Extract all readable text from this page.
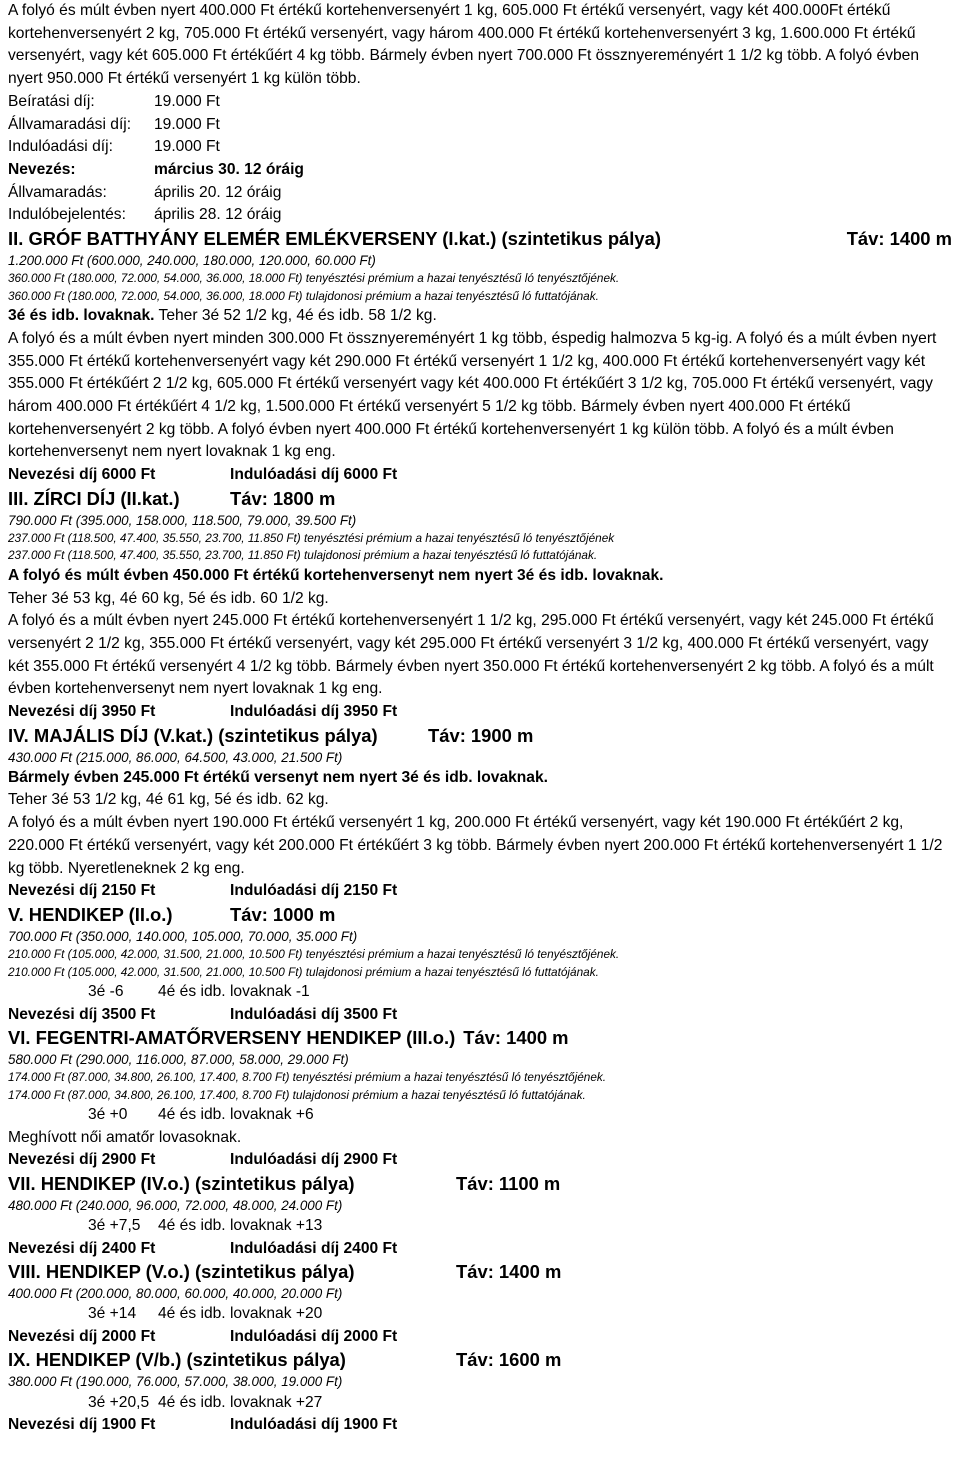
A folyó és múlt évben nyert 400.000 Ft értékű kortehenversenyért 1 kg, 605.000 Ft értékű versenyért, vagy két 400.000Ft értékű kortehenversenyért 2 kg, 705.000 Ft értékű versenyért, vagy három 400.000 Ft értékű kortehenversenyért 3 kg, 1.600.000 Ft értékű versenyért, vagy két 605.000 Ft értékűért 4 kg több. Bármely évben nyert 700.000 Ft össznyereményért 1 1/2 kg több. A folyó évben nyert 950.000 Ft értékű versenyért 1 kg külön több.

Beíratási díj:	19.000 Ft

Állvamaradási díj: 19.000 Ft

Indulóadási díj:	19.000 Ft

Nevezés:	március 30. 12 óráig

Állvamaradás:	április 20. 12 óráig

Indulóbejelentés: április 28. 12 óráig

II. GRÓF BATTHYÁNY ELEMÉR EMLÉKVERSENY (I.kat.) (szintetikus pálya)	Táv: 1400 m

1.200.000 Ft (600.000, 240.000, 180.000, 120.000, 60.000 Ft)

360.000 Ft (180.000, 72.000, 54.000, 36.000, 18.000 Ft) tenyésztési prémium a hazai tenyésztésű ló tenyésztőjének.

360.000 Ft (180.000, 72.000, 54.000, 36.000, 18.000 Ft) tulajdonosi prémium a hazai tenyésztésű ló futtatójának.

3é és idb. lovaknak. Teher 3é 52 1/2 kg, 4é és idb. 58 1/2 kg.

A folyó és a múlt évben nyert minden 300.000 Ft össznyereményért 1 kg több, éspedig halmozva 5 kg-ig. A folyó és a múlt évben nyert 355.000 Ft értékű kortehenversenyért vagy két 290.000 Ft értékű versenyért 1 1/2 kg, 400.000 Ft értékű kortehenversenyért vagy két 355.000 Ft értékűért 2 1/2 kg, 605.000 Ft értékű versenyért vagy két 400.000 Ft értékűért 3 1/2 kg, 705.000 Ft értékű versenyért, vagy három 400.000 Ft értékűért 4 1/2 kg, 1.500.000 Ft értékű versenyért 5 1/2 kg több. Bármely évben nyert 400.000 Ft értékű kortehenversenyért 2 kg több. A folyó évben nyert 400.000 Ft értékű kortehenversenyért 1 kg külön több. A folyó és a múlt évben kortehenversenyt nem nyert lovaknak 1 kg eng.

Nevezési díj 6000 Ft	Indulóadási díj 6000 Ft

III. ZÍRCI DÍJ (II.kat.)	Táv: 1800 m

790.000 Ft (395.000, 158.000, 118.500, 79.000, 39.500 Ft)

237.000 Ft (118.500, 47.400, 35.550, 23.700, 11.850 Ft) tenyésztési prémium a hazai tenyésztésű ló tenyésztőjének

237.000 Ft (118.500, 47.400, 35.550, 23.700, 11.850 Ft) tulajdonosi prémium a hazai tenyésztésű ló futtatójának.

A folyó és múlt évben 450.000 Ft értékű kortehenversenyt nem nyert 3é és idb. lovaknak.

Teher 3é 53 kg, 4é 60 kg, 5é és idb. 60 1/2 kg.

A folyó és a múlt évben nyert 245.000 Ft értékű kortehenversenyért 1 1/2 kg, 295.000 Ft értékű versenyért, vagy két 245.000 Ft értékű versenyért 2 1/2 kg, 355.000 Ft értékű versenyért, vagy két 295.000 Ft értékű versenyért 3 1/2 kg, 400.000 Ft értékű versenyért, vagy két 355.000 Ft értékű versenyért 4 1/2 kg több. Bármely évben nyert 350.000 Ft értékű kortehenversenyért 2 kg több. A folyó és a múlt évben kortehenversenyt nem nyert lovaknak 1 kg eng.

Nevezési díj 3950 Ft	Indulóadási díj 3950 Ft

IV. MAJÁLIS DÍJ (V.kat.) (szintetikus pálya)	Táv: 1900 m

430.000 Ft (215.000, 86.000, 64.500, 43.000, 21.500 Ft)

Bármely évben 245.000 Ft értékű versenyt nem nyert 3é és idb. lovaknak.

Teher 3é 53 1/2 kg, 4é 61 kg, 5é és idb. 62 kg.

A folyó és a múlt évben nyert 190.000 Ft értékű versenyért 1 kg, 200.000 Ft értékű versenyért, vagy két 190.000 Ft értékűért 2 kg, 220.000 Ft értékű versenyért, vagy két 200.000 Ft értékűért 3 kg több. Bármely évben nyert 200.000 Ft értékű kortehenversenyért 1 1/2 kg több. Nyeretleneknek 2 kg eng.

Nevezési díj 2150 Ft	Indulóadási díj 2150 Ft

V. HENDIKEP (II.o.)	Táv: 1000 m

700.000 Ft (350.000, 140.000, 105.000, 70.000, 35.000 Ft)

210.000 Ft (105.000, 42.000, 31.500, 21.000, 10.500 Ft) tenyésztési prémium a hazai tenyésztésű ló tenyésztőjének.

210.000 Ft (105.000, 42.000, 31.500, 21.000, 10.500 Ft) tulajdonosi prémium a hazai tenyésztésű ló futtatójának.

3é -6 4é és idb. lovaknak -1

Nevezési díj 3500 Ft	Indulóadási díj 3500 Ft

VI. FEGENTRI-AMATŐRVERSENY HENDIKEP (III.o.) Táv: 1400 m

580.000 Ft (290.000, 116.000, 87.000, 58.000, 29.000 Ft)

174.000 Ft (87.000, 34.800, 26.100, 17.400, 8.700 Ft) tenyésztési prémium a hazai tenyésztésű ló tenyésztőjének.

174.000 Ft (87.000, 34.800, 26.100, 17.400, 8.700 Ft) tulajdonosi prémium a hazai tenyésztésű ló futtatójának.

3é +0 4é és idb. lovaknak +6

Meghívott női amatőr lovasoknak.

Nevezési díj 2900 Ft	Indulóadási díj 2900 Ft

VII. HENDIKEP (IV.o.) (szintetikus pálya)	Táv: 1100 m

480.000 Ft (240.000, 96.000, 72.000, 48.000, 24.000 Ft)

3é +7,5 4é és idb. lovaknak +13

Nevezési díj 2400 Ft	Indulóadási díj 2400 Ft

VIII. HENDIKEP (V.o.) (szintetikus pálya)	Táv: 1400 m

400.000 Ft (200.000, 80.000, 60.000, 40.000, 20.000 Ft)

3é +14 4é és idb. lovaknak +20

Nevezési díj 2000 Ft	Indulóadási díj 2000 Ft

IX. HENDIKEP (V/b.) (szintetikus pálya)	Táv: 1600 m

380.000 Ft (190.000, 76.000, 57.000, 38.000, 19.000 Ft)

3é +20,5 4é és idb. lovaknak +27

Nevezési díj 1900 Ft	Indulóadási díj 1900 Ft
